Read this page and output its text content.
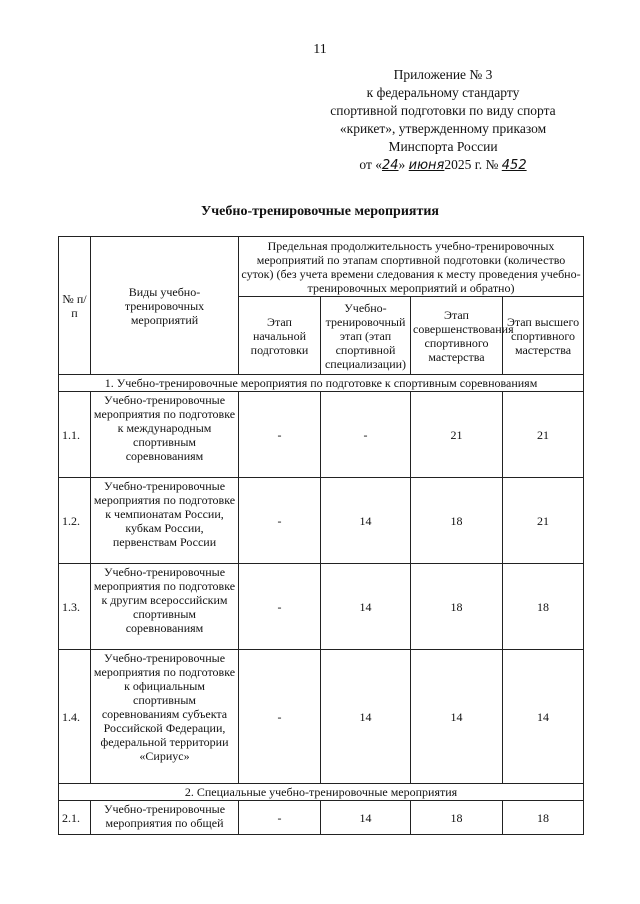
11
Приложение № 3
к федеральному стандарту
спортивной подготовки по виду спорта
«крикет», утвержденному приказом
Минспорта России
от «24» июня2025 г. № 452
Учебно-тренировочные мероприятия
№ п/п	Виды учебно-тренировочных мероприятий	Предельная продолжительность учебно-тренировочных мероприятий по этапам спортивной подготовки (количество суток) (без учета времени следования к месту проведения учебно-тренировочных мероприятий и обратно)			
		Этап начальной подготовки	Учебно-тренировочный этап (этап спортивной специализации)	Этап совершенствования спортивного мастерства	Этап высшего спортивного мастерства
1. Учебно-тренировочные мероприятия по подготовке к спортивным соревнованиям					
1.1.	Учебно-тренировочные мероприятия по подготовке к международным спортивным соревнованиям	-	-	21	21
1.2.	Учебно-тренировочные мероприятия по подготовке к чемпионатам России, кубкам России, первенствам России	-	14	18	21
1.3.	Учебно-тренировочные мероприятия по подготовке к другим всероссийским спортивным соревнованиям	-	14	18	18
1.4.	Учебно-тренировочные мероприятия по подготовке к официальным спортивным соревнованиям субъекта Российской Федерации, федеральной территории «Сириус»	-	14	14	14
2. Специальные учебно-тренировочные мероприятия					
2.1.	Учебно-тренировочные мероприятия по общей	-	14	18	18
